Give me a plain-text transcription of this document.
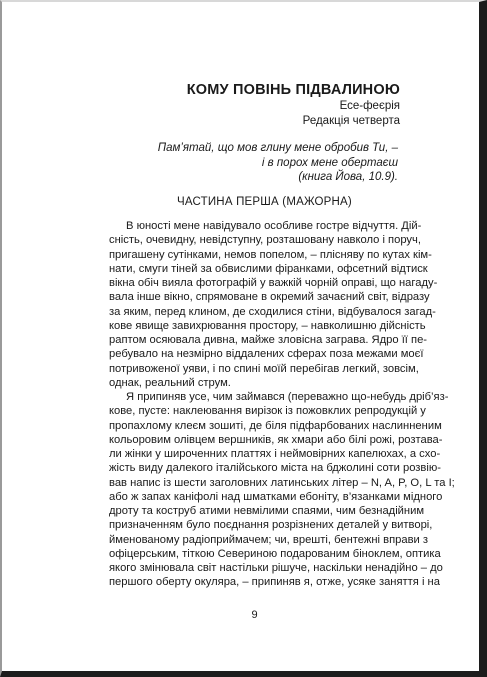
КОМУ ПОВІНЬ ПІДВАЛИНОЮ
Есе-феєрія
Редакція четверта
Пам’ятай, що мов глину мене обробив Ти, –
і в порох мене обертаєш
(книга Йова, 10.9).
ЧАСТИНА ПЕРША (МАЖОРНА)
В юності мене навідувало особливе гостре відчуття. Дій-
сність, очевидну, невідступну, розташовану навколо і поруч,
пригашену сутінками, немов попелом, – плісняву по кутах кім-
нати, смуги тіней за обвислими фіранками, офсетний відтиск
вікна обіч вияла фотографій у важкій чорній оправі, що нагаду-
вала інше вікно, спрямоване в окремий зачаєний світ, відразу
за яким, перед клином, де сходилися стіни, відбувалося загад-
кове явище завихрювання простору, – навколишню дійсність
раптом осяювала дивна, майже зловісна заграва. Ядро її пе-
ребувало на незмірно віддалених сферах поза межами моєї
потривоженої уяви, і по спині моїй перебігав легкий, зовсім,
однак, реальний струм.
Я припиняв усе, чим займався (переважно що-небудь дріб’яз-
кове, пусте: наклеювання вирізок із пожовклих репродукцій у
пропахлому клеєм зошиті, де біля підфарбованих наслинненим
кольоровим олівцем вершників, як хмари або білі рожі, розтава-
ли жінки у широченних платтях і неймовірних капелюхах, а схо-
жість виду далекого італійського міста на бджолині соти розвію-
вав напис із шести заголовних латинських літер – N, A, P, O, L та I;
або ж запах каніфолі над шматками ебоніту, в’язанками мідного
дроту та коструб атими невмілими спаями, чим безнадійним
призначенням було поєднання розрізнених деталей у витворі,
йменованому радіоприймачем; чи, врешті, бентежні вправи з
офіцерським, тіткою Севериною подарованим біноклем, оптика
якого змінювала світ настільки рішуче, наскільки ненадійно – до
першого оберту окуляра, – припиняв я, отже, усяке заняття і на
9
